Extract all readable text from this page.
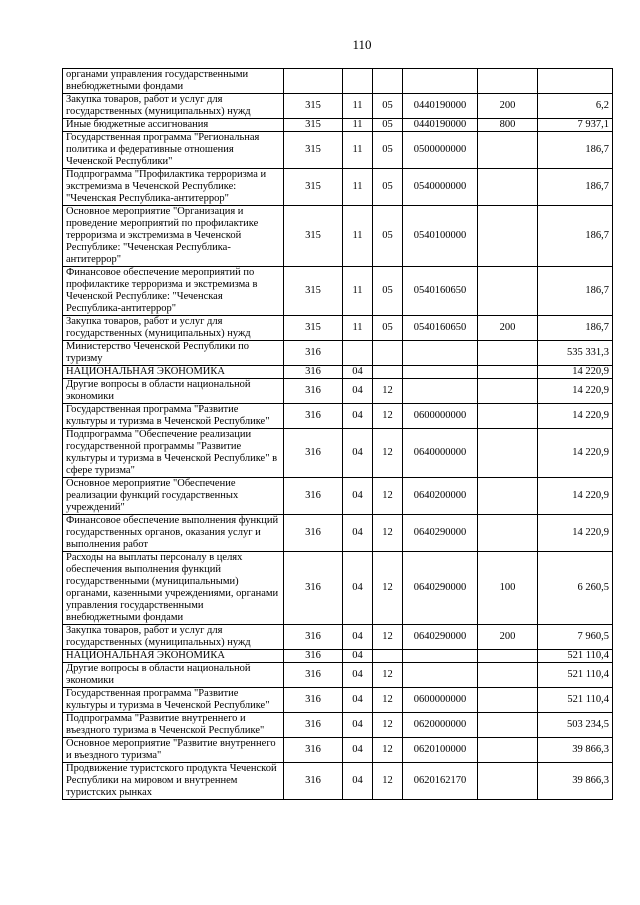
110
органами управления государственными внебюджетными фондами						
Закупка товаров, работ и услуг для государственных (муниципальных) нужд	315	11	05	0440190000	200	6,2
Иные бюджетные ассигнования	315	11	05	0440190000	800	7 937,1
Государственная программа "Региональная политика и федеративные отношения Чеченской Республики"	315	11	05	0500000000		186,7
Подпрограмма "Профилактика терроризма и экстремизма в Чеченской Республике: "Чеченская Республика-антитеррор"	315	11	05	0540000000		186,7
Основное мероприятие "Организация и проведение мероприятий по профилактике терроризма и экстремизма в Чеченской Республике: "Чеченская Республика-антитеррор"	315	11	05	0540100000		186,7
Финансовое обеспечение мероприятий по профилактике терроризма и экстремизма в Чеченской Республике: "Чеченская Республика-антитеррор"	315	11	05	0540160650		186,7
Закупка товаров, работ и услуг для государственных (муниципальных) нужд	315	11	05	0540160650	200	186,7
Министерство Чеченской Республики по туризму	316					535 331,3
НАЦИОНАЛЬНАЯ ЭКОНОМИКА	316	04				14 220,9
Другие вопросы в области национальной экономики	316	04	12			14 220,9
Государственная программа "Развитие культуры и туризма в Чеченской Республике"	316	04	12	0600000000		14 220,9
Подпрограмма "Обеспечение реализации государственной программы "Развитие культуры и туризма в Чеченской Республике" в сфере туризма"	316	04	12	0640000000		14 220,9
Основное мероприятие "Обеспечение реализации функций государственных учреждений"	316	04	12	0640200000		14 220,9
Финансовое обеспечение выполнения функций государственных органов, оказания услуг и выполнения работ	316	04	12	0640290000		14 220,9
Расходы на выплаты персоналу в целях обеспечения выполнения функций государственными (муниципальными) органами, казенными учреждениями, органами управления государственными внебюджетными фондами	316	04	12	0640290000	100	6 260,5
Закупка товаров, работ и услуг для государственных (муниципальных) нужд	316	04	12	0640290000	200	7 960,5
НАЦИОНАЛЬНАЯ ЭКОНОМИКА	316	04				521 110,4
Другие вопросы в области национальной экономики	316	04	12			521 110,4
Государственная программа "Развитие культуры и туризма в Чеченской Республике"	316	04	12	0600000000		521 110,4
Подпрограмма "Развитие внутреннего и въездного туризма в Чеченской Республике"	316	04	12	0620000000		503 234,5
Основное мероприятие "Развитие внутреннего и въездного туризма"	316	04	12	0620100000		39 866,3
Продвижение туристского продукта Чеченской Республики на мировом и внутреннем туристских рынках	316	04	12	0620162170		39 866,3
